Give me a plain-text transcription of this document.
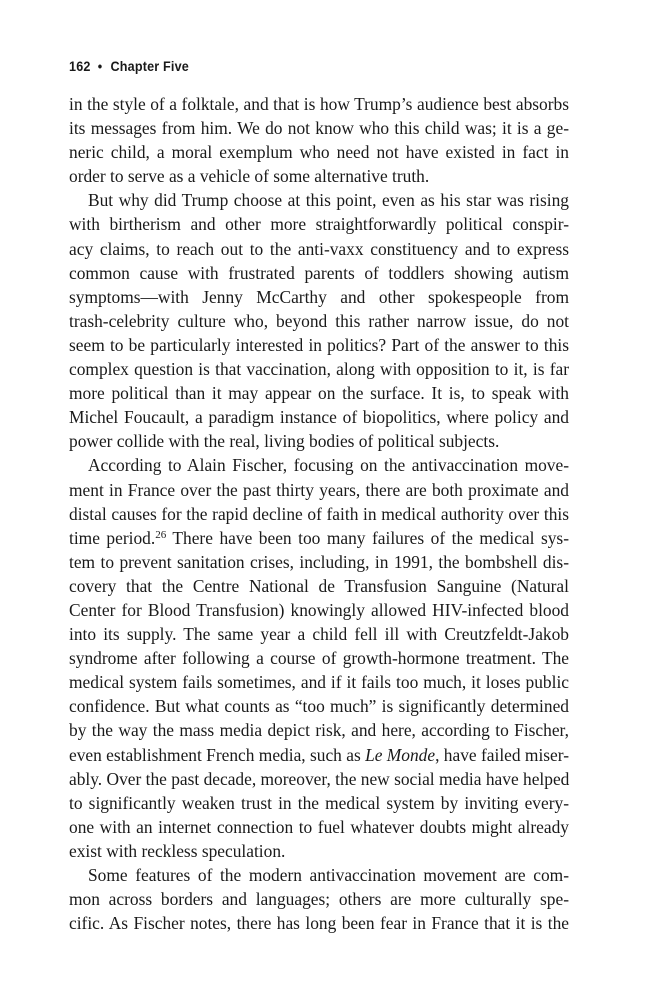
162 • Chapter Five
in the style of a folktale, and that is how Trump’s audience best absorbs
its messages from him. We do not know who this child was; it is a ge-
neric child, a moral exemplum who need not have existed in fact in
order to serve as a vehicle of some alternative truth.
But why did Trump choose at this point, even as his star was rising
with birtherism and other more straightforwardly political conspir-
acy claims, to reach out to the anti-vaxx constituency and to express
common cause with frustrated parents of toddlers showing autism
symptoms—with Jenny McCarthy and other spokespeople from
trash-celebrity culture who, beyond this rather narrow issue, do not
seem to be particularly interested in politics? Part of the answer to this
complex question is that vaccination, along with opposition to it, is far
more political than it may appear on the surface. It is, to speak with
Michel Foucault, a paradigm instance of biopolitics, where policy and
power collide with the real, living bodies of political subjects.
According to Alain Fischer, focusing on the antivaccination move-
ment in France over the past thirty years, there are both proximate and
distal causes for the rapid decline of faith in medical authority over this
time period.$^{26}$ There have been too many failures of the medical sys-
tem to prevent sanitation crises, including, in 1991, the bombshell dis-
covery that the Centre National de Transfusion Sanguine (Natural
Center for Blood Transfusion) knowingly allowed HIV-infected blood
into its supply. The same year a child fell ill with Creutzfeldt-Jakob
syndrome after following a course of growth-hormone treatment. The
medical system fails sometimes, and if it fails too much, it loses public
confidence. But what counts as “too much” is significantly determined
by the way the mass media depict risk, and here, according to Fischer,
even establishment French media, such as Le Monde, have failed miser-
ably. Over the past decade, moreover, the new social media have helped
to significantly weaken trust in the medical system by inviting every-
one with an internet connection to fuel whatever doubts might already
exist with reckless speculation.
Some features of the modern antivaccination movement are com-
mon across borders and languages; others are more culturally spe-
cific. As Fischer notes, there has long been fear in France that it is the
